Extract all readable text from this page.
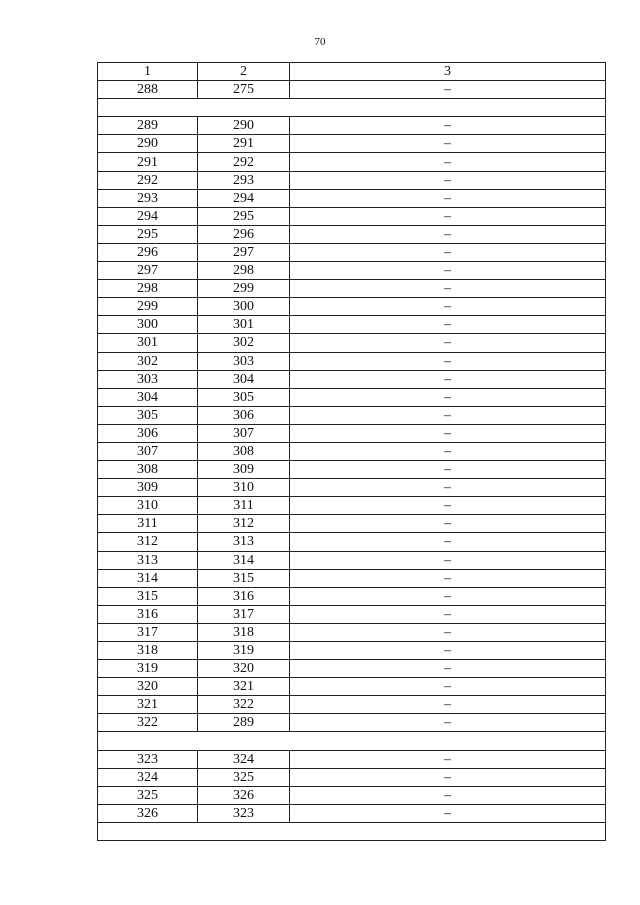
70
1	2	3
288	275	–

289	290	–
290	291	–
291	292	–
292	293	–
293	294	–
294	295	–
295	296	–
296	297	–
297	298	–
298	299	–
299	300	–
300	301	–
301	302	–
302	303	–
303	304	–
304	305	–
305	306	–
306	307	–
307	308	–
308	309	–
309	310	–
310	311	–
311	312	–
312	313	–
313	314	–
314	315	–
315	316	–
316	317	–
317	318	–
318	319	–
319	320	–
320	321	–
321	322	–
322	289	–

323	324	–
324	325	–
325	326	–
326	323	–
